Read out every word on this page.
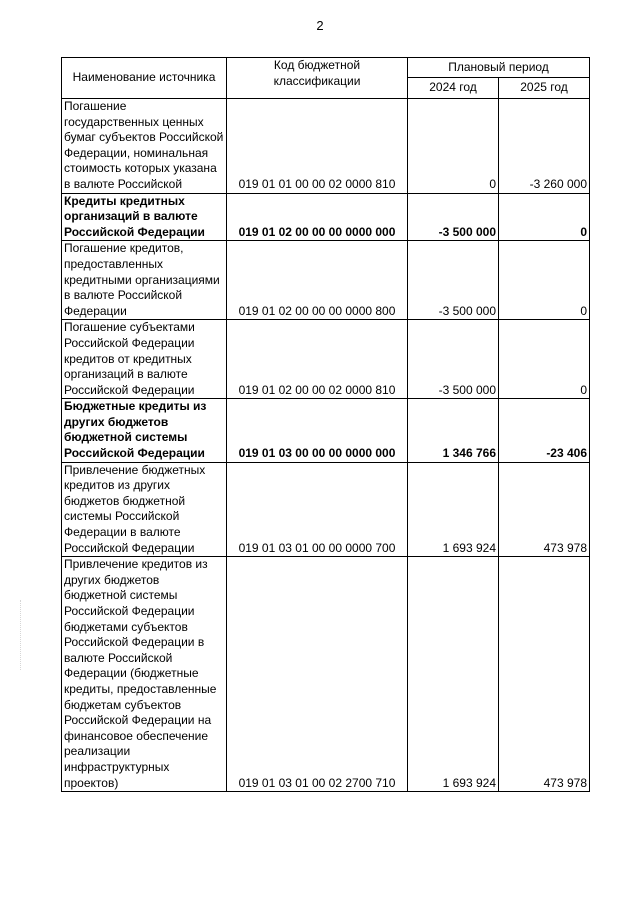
2
Наименование источника	Код бюджетной классификации	Плановый период	
		2024 год	2025 год
Погашение государственных ценных бумаг субъектов Российской Федерации, номинальная стоимость которых указана в валюте Российской	019 01 01 00 00 02 0000 810	0	-3 260 000
Кредиты кредитных организаций в валюте Российской Федерации	019 01 02 00 00 00 0000 000	-3 500 000	0
Погашение кредитов, предоставленных кредитными организациями в валюте Российской Федерации	019 01 02 00 00 00 0000 800	-3 500 000	0
Погашение субъектами Российской Федерации кредитов от кредитных организаций в валюте Российской Федерации	019 01 02 00 00 02 0000 810	-3 500 000	0
Бюджетные кредиты из других бюджетов бюджетной системы Российской Федерации	019 01 03 00 00 00 0000 000	1 346 766	-23 406
Привлечение бюджетных кредитов из других бюджетов бюджетной системы Российской Федерации в валюте Российской Федерации	019 01 03 01 00 00 0000 700	1 693 924	473 978
Привлечение кредитов из других бюджетов бюджетной системы Российской Федерации бюджетами субъектов Российской Федерации в валюте Российской Федерации (бюджетные кредиты, предоставленные бюджетам субъектов Российской Федерации на финансовое обеспечение реализации инфраструктурных проектов)	019 01 03 01 00 02 2700 710	1 693 924	473 978
